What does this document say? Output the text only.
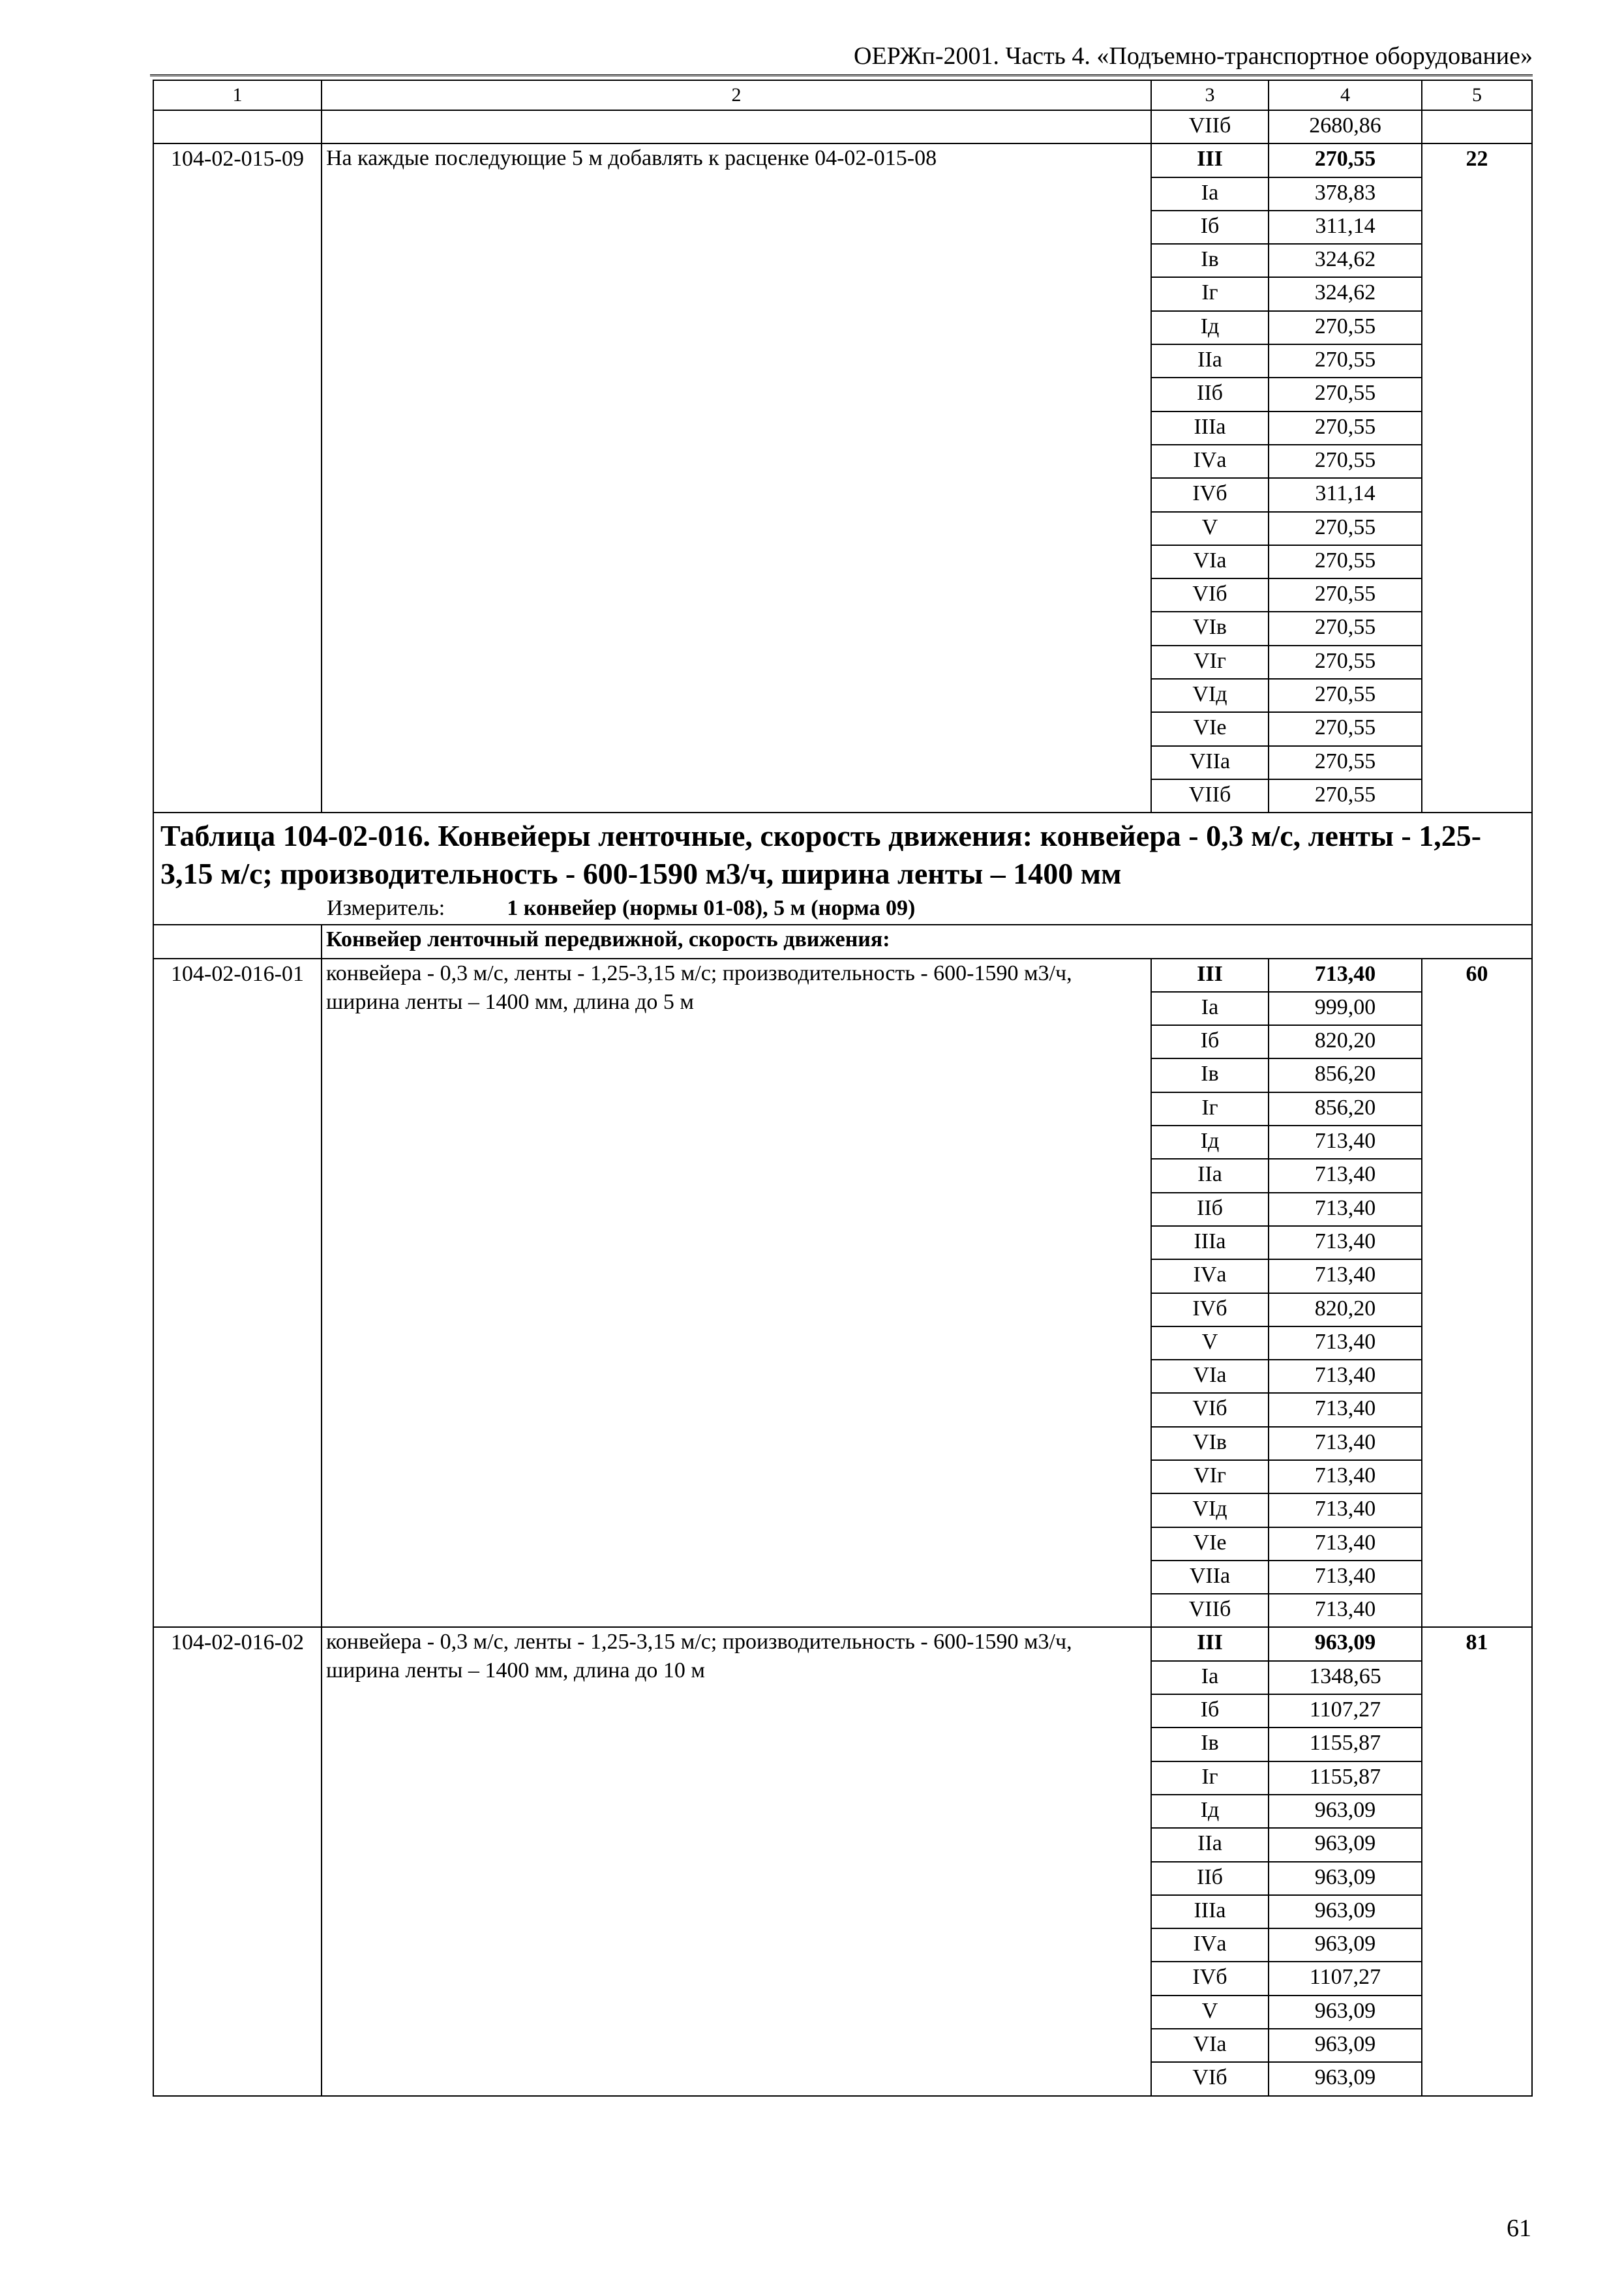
ОЕРЖп-2001. Часть 4. «Подъемно-транспортное оборудование»
1	2	3	4	5
		VIIб	2680,86	
104-02-015-09	На каждые последующие 5 м добавлять к расценке 04-02-015-08	III	270,55	22
		Iа	378,83	
		Iб	311,14	
		Iв	324,62	
		Iг	324,62	
		Iд	270,55	
		IIа	270,55	
		IIб	270,55	
		IIIа	270,55	
		IVа	270,55	
		IVб	311,14	
		V	270,55	
		VIа	270,55	
		VIб	270,55	
		VIв	270,55	
		VIг	270,55	
		VIд	270,55	
		VIе	270,55	
		VIIа	270,55	
		VIIб	270,55	

Таблица 104-02-016. Конвейеры ленточные, скорость движения: конвейера - 0,3 м/с, ленты - 1,25-3,15 м/с; производительность - 600-1590 м3/ч, ширина ленты – 1400 мм
Измеритель: 1 конвейер (нормы 01-08), 5 м (норма 09)				

	Конвейер ленточный передвижной, скорость движения:			
104-02-016-01	конвейера - 0,3 м/с, ленты - 1,25-3,15 м/с; производительность - 600-1590 м3/ч, ширина ленты – 1400 мм, длина до 5 м	III	713,40	60
		Iа	999,00	
		Iб	820,20	
		Iв	856,20	
		Iг	856,20	
		Iд	713,40	
		IIа	713,40	
		IIб	713,40	
		IIIа	713,40	
		IVа	713,40	
		IVб	820,20	
		V	713,40	
		VIа	713,40	
		VIб	713,40	
		VIв	713,40	
		VIг	713,40	
		VIд	713,40	
		VIе	713,40	
		VIIа	713,40	
		VIIб	713,40	
104-02-016-02	конвейера - 0,3 м/с, ленты - 1,25-3,15 м/с; производительность - 600-1590 м3/ч, ширина ленты – 1400 мм, длина до 10 м	III	963,09	81
		Iа	1348,65	
		Iб	1107,27	
		Iв	1155,87	
		Iг	1155,87	
		Iд	963,09	
		IIа	963,09	
		IIб	963,09	
		IIIа	963,09	
		IVа	963,09	
		IVб	1107,27	
		V	963,09	
		VIа	963,09	
		VIб	963,09	
61
